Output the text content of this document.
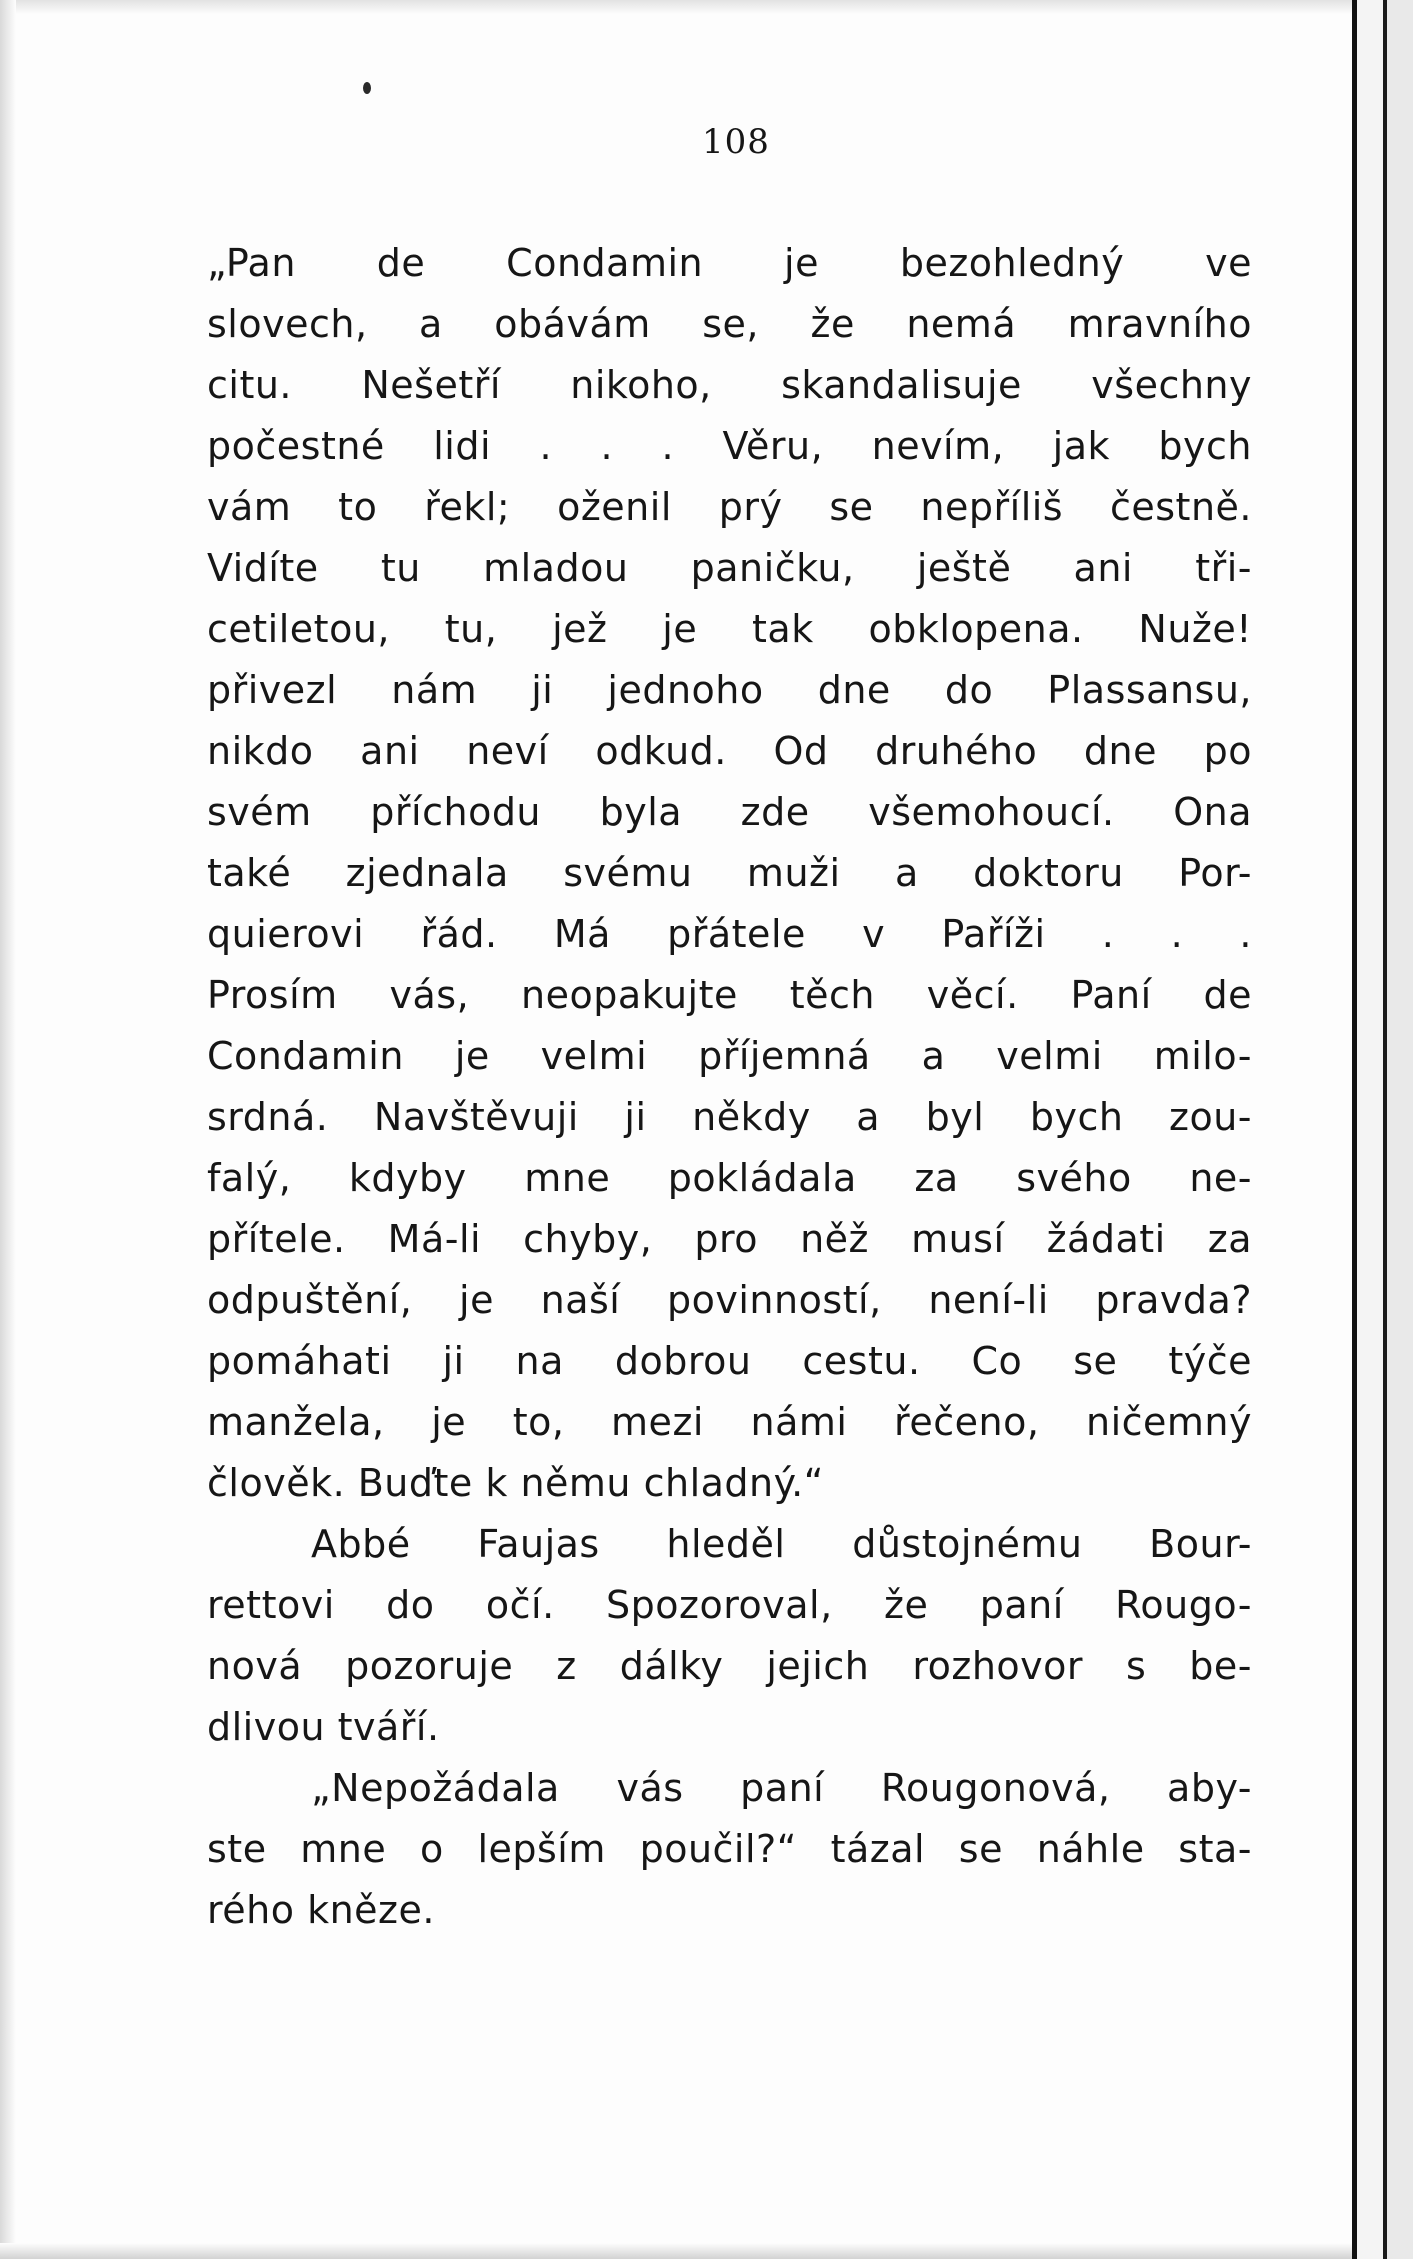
108
„Pan de Condamin je bezohledný ve
slovech, a obávám se, že nemá mravního
citu. Nešetří nikoho, skandalisuje všechny
počestné lidi . . . Věru, nevím, jak bych
vám to řekl; oženil prý se nepříliš čestně.
Vidíte tu mladou paničku, ještě ani tři-
cetiletou, tu, jež je tak obklopena. Nuže!
přivezl nám ji jednoho dne do Plassansu,
nikdo ani neví odkud. Od druhého dne po
svém příchodu byla zde všemohoucí. Ona
také zjednala svému muži a doktoru Por-
quierovi řád. Má přátele v Paříži . . .
Prosím vás, neopakujte těch věcí. Paní de
Condamin je velmi příjemná a velmi milo-
srdná. Navštěvuji ji někdy a byl bych zou-
falý, kdyby mne pokládala za svého ne-
přítele. Má-li chyby, pro něž musí žádati za
odpuštění, je naší povinností, není-li pravda?
pomáhati ji na dobrou cestu. Co se týče
manžela, je to, mezi námi řečeno, ničemný
člověk. Buďte k němu chladný.“
Abbé Faujas hleděl důstojnému Bour-
rettovi do očí. Spozoroval, že paní Rougo-
nová pozoruje z dálky jejich rozhovor s be-
dlivou tváří.
„Nepožádala vás paní Rougonová, aby-
ste mne o lepším poučil?“ tázal se náhle sta-
rého kněze.
